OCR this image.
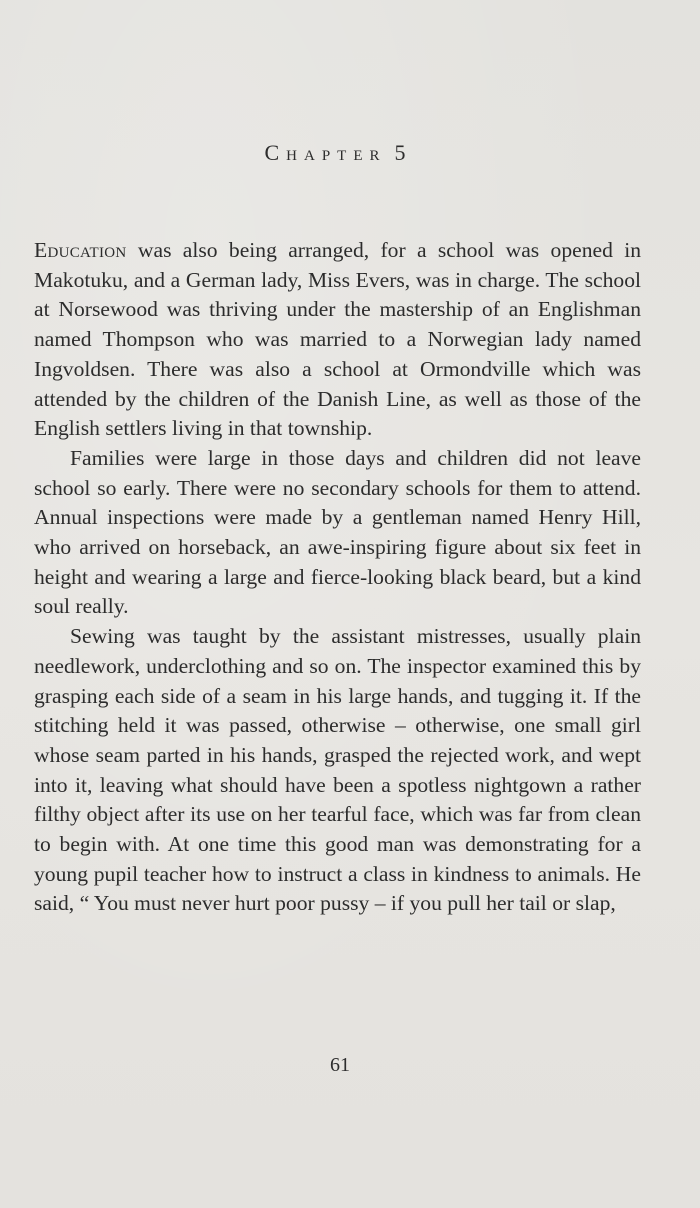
Chapter 5

Education was also being arranged, for a school was opened in Makotuku, and a German lady, Miss Evers, was in charge. The school at Norsewood was thriving under the mastership of an Englishman named Thompson who was married to a Norwegian lady named Ingvoldsen. There was also a school at Ormondville which was attended by the children of the Danish Line, as well as those of the English settlers living in that township.

Families were large in those days and children did not leave school so early. There were no secondary schools for them to attend. Annual inspections were made by a gentleman named Henry Hill, who arrived on horseback, an awe-inspiring figure about six feet in height and wearing a large and fierce-looking black beard, but a kind soul really.

Sewing was taught by the assistant mistresses, usually plain needlework, underclothing and so on. The inspector examined this by grasping each side of a seam in his large hands, and tugging it. If the stitching held it was passed, otherwise – otherwise, one small girl whose seam parted in his hands, grasped the rejected work, and wept into it, leaving what should have been a spotless nightgown a rather filthy object after its use on her tearful face, which was far from clean to begin with. At one time this good man was demonstrating for a young pupil teacher how to instruct a class in kindness to animals. He said, “ You must never hurt poor pussy – if you pull her tail or slap,

61
